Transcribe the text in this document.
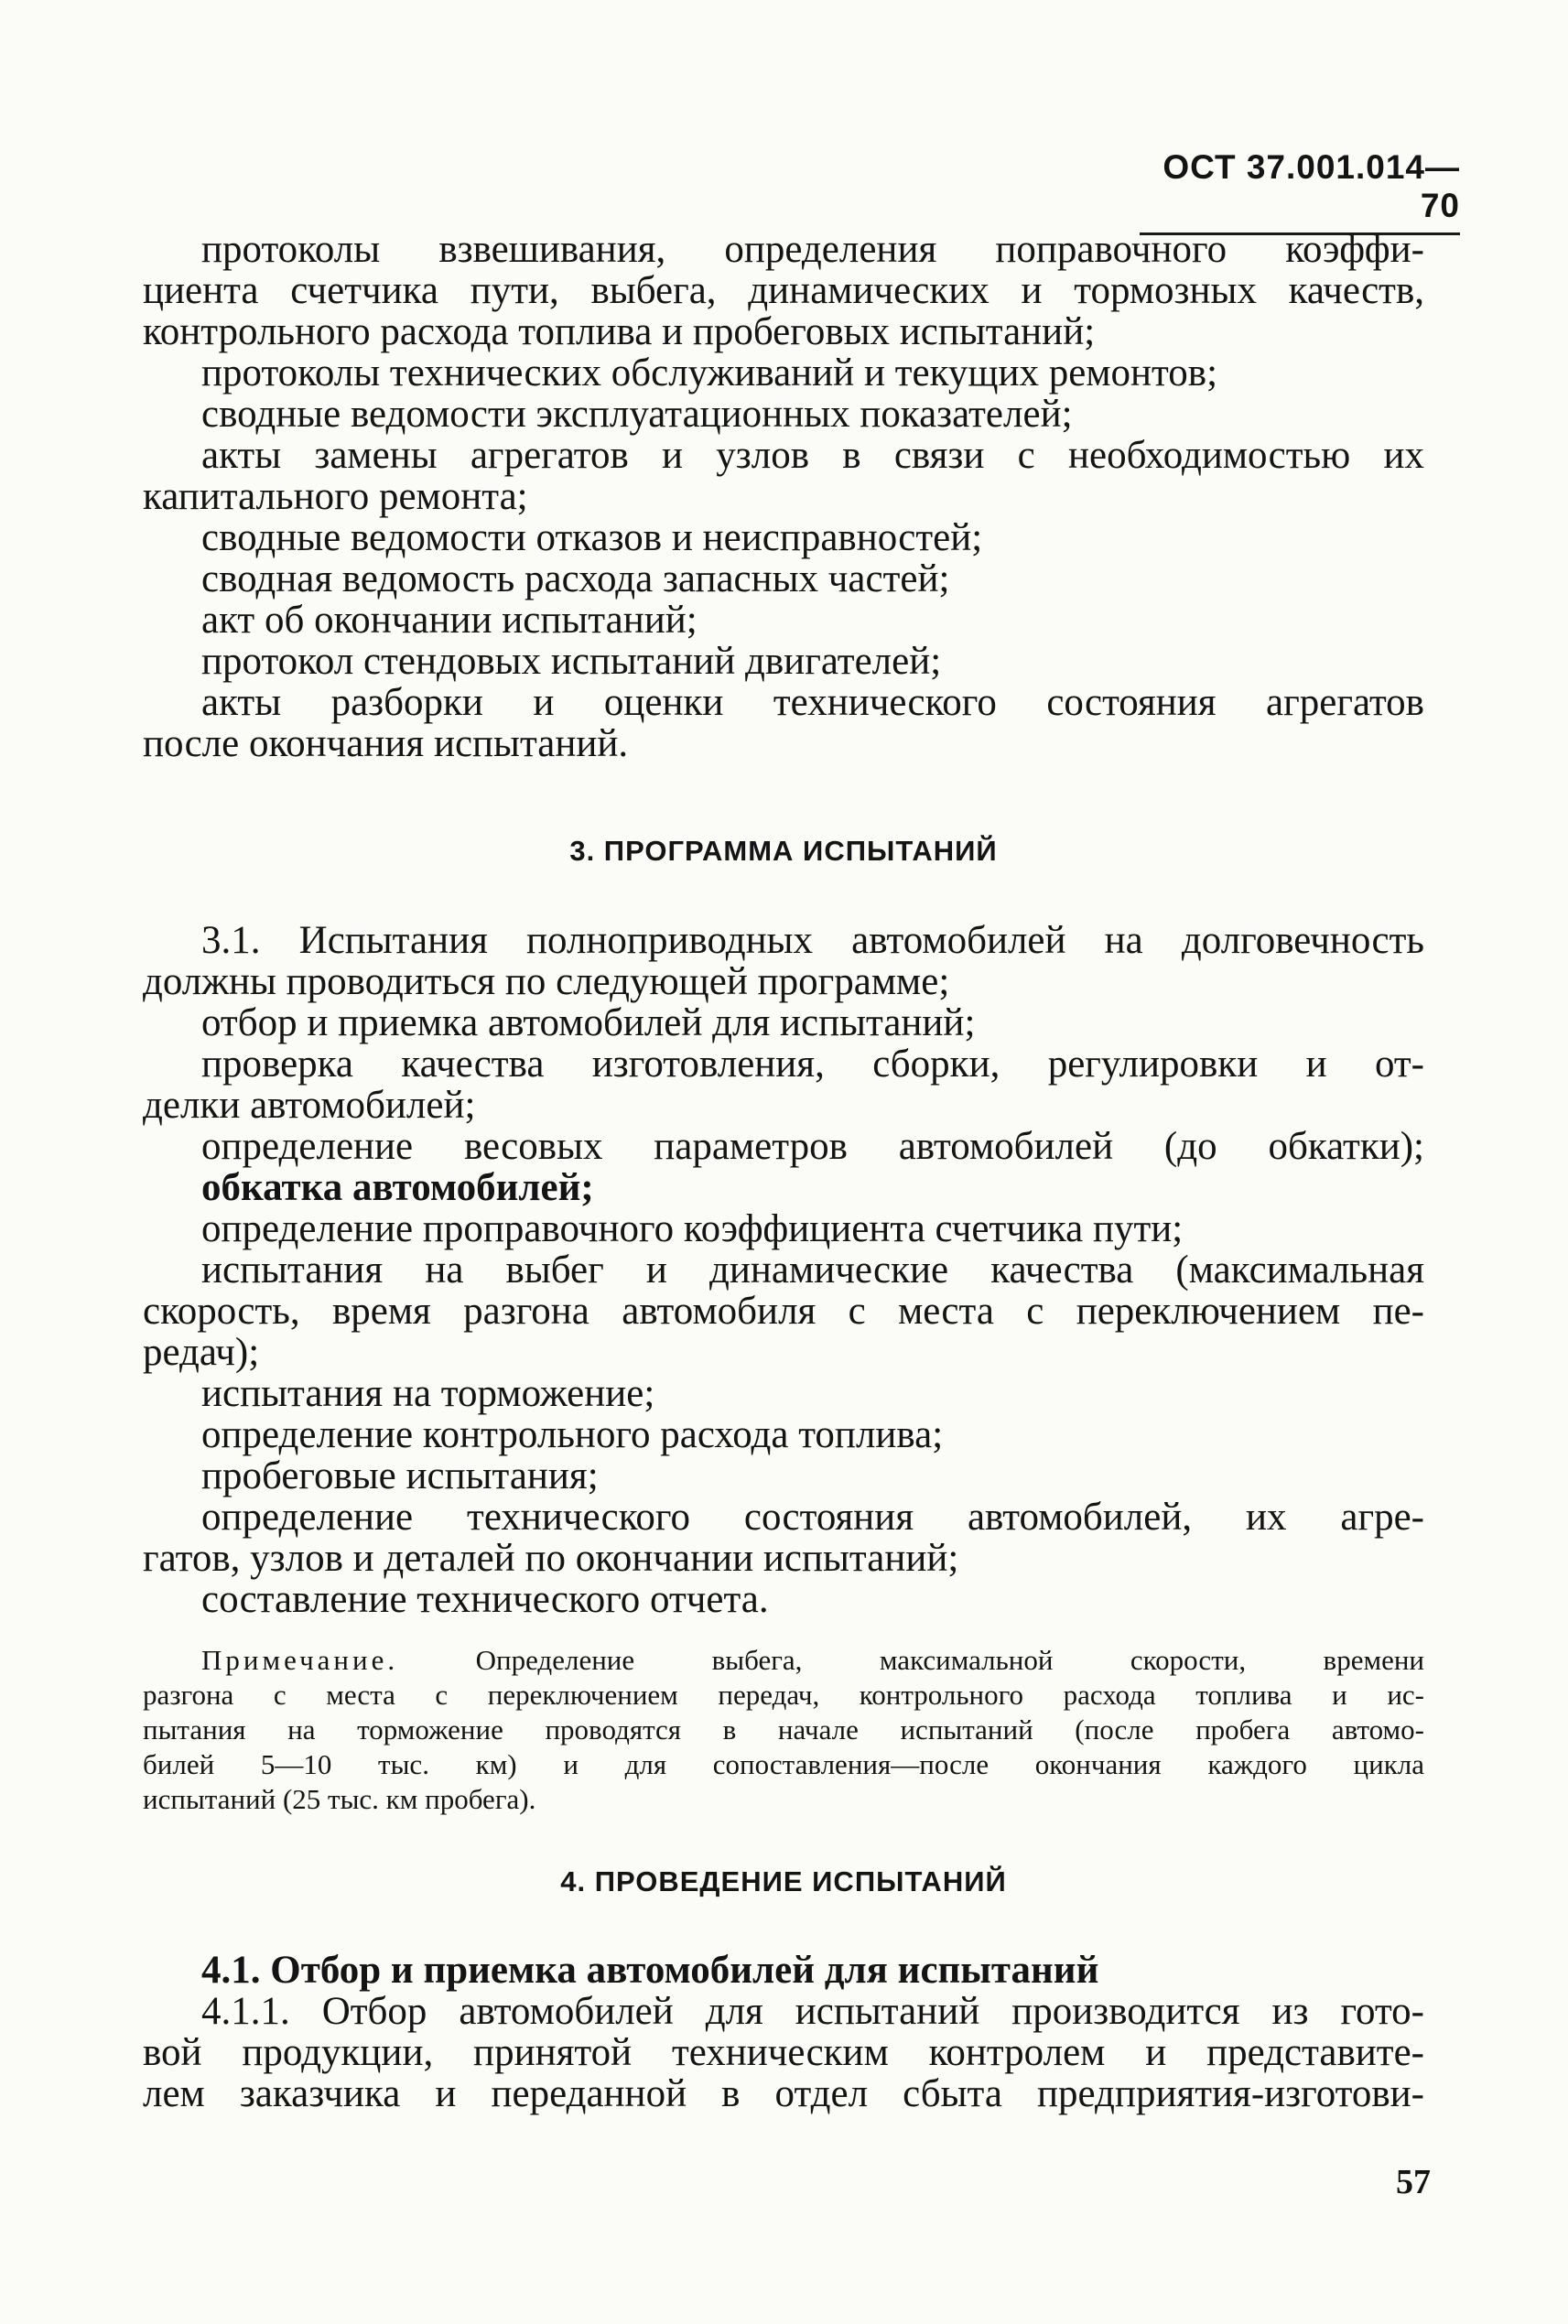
ОСТ 37.001.014—70
протоколы взвешивания, определения поправочного коэффи-
циента счетчика пути, выбега, динамических и тормозных качеств,
контрольного расхода топлива и пробеговых испытаний;
протоколы технических обслуживаний и текущих ремонтов;
сводные ведомости эксплуатационных показателей;
акты замены агрегатов и узлов в связи с необходимостью их
капитального ремонта;
сводные ведомости отказов и неисправностей;
сводная ведомость расхода запасных частей;
акт об окончании испытаний;
протокол стендовых испытаний двигателей;
акты разборки и оценки технического состояния агрегатов
после окончания испытаний.
3. ПРОГРАММА ИСПЫТАНИЙ
3.1. Испытания полноприводных автомобилей на долговечность
должны проводиться по следующей программе;
отбор и приемка автомобилей для испытаний;
проверка качества изготовления, сборки, регулировки и от-
делки автомобилей;
определение весовых параметров автомобилей (до обкатки);
обкатка автомобилей;
определение проправочного коэффициента счетчика пути;
испытания на выбег и динамические качества (максимальная
скорость, время разгона автомобиля с места с переключением пе-
редач);
испытания на торможение;
определение контрольного расхода топлива;
пробеговые испытания;
определение технического состояния автомобилей, их агре-
гатов, узлов и деталей по окончании испытаний;
составление технического отчета.
Примечание.	Определение выбега, максимальной скорости, времени
разгона с места с переключением передач, контрольного расхода топлива и ис-
пытания на торможение проводятся в начале испытаний (после пробега автомо-
билей 5—10 тыс. км) и для сопоставления—после окончания каждого цикла
испытаний (25 тыс. км пробега).
4. ПРОВЕДЕНИЕ ИСПЫТАНИЙ
4.1. Отбор и приемка автомобилей для испытаний
4.1.1. Отбор автомобилей для испытаний производится из гото-
вой продукции, принятой техническим контролем и представите-
лем заказчика и переданной в отдел сбыта предприятия-изготови-
57
